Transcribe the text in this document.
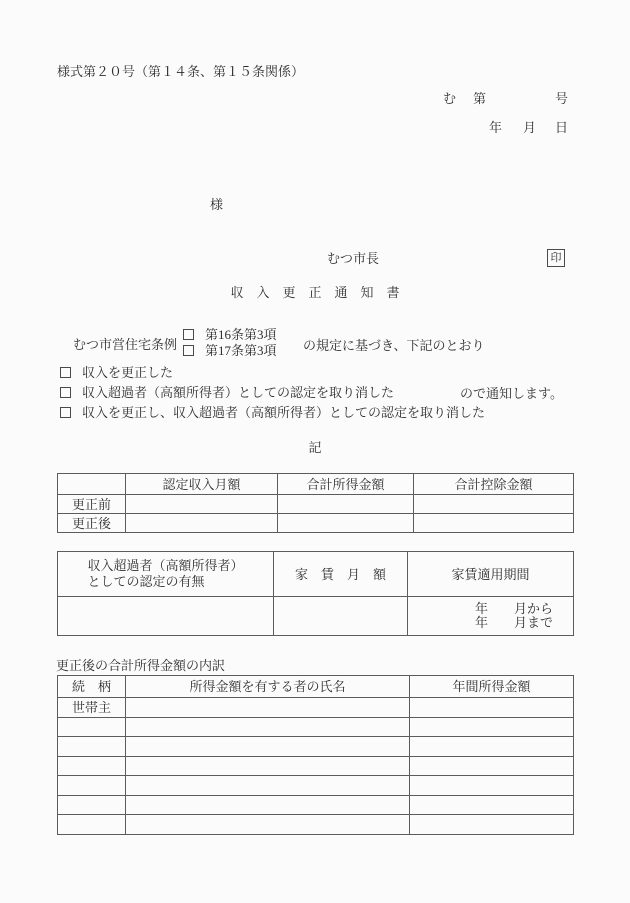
様式第２０号（第１４条、第１５条関係）
む 第	号
年 月 日
様
むつ市長	印
収　入　更　正　通　知　書
むつ市営住宅条例
第16条第3項
第17条第3項 の規定に基づき、下記のとおり
収入を更正した
収入超過者（高額所得者）としての認定を取り消した	ので通知します。
収入を更正し、収入超過者（高額所得者）としての認定を取り消した
記
	認定収入月額	合計所得金額	合計控除金額
更正前			
更正後			
収入超過者（高額所得者）
としての認定の有無	家　賃　月　額	家賃適用期間
		年　　月から
年　　月まで
更正後の合計所得金額の内訳
続　柄	所得金額を有する者の氏名	年間所得金額
世帯主		
